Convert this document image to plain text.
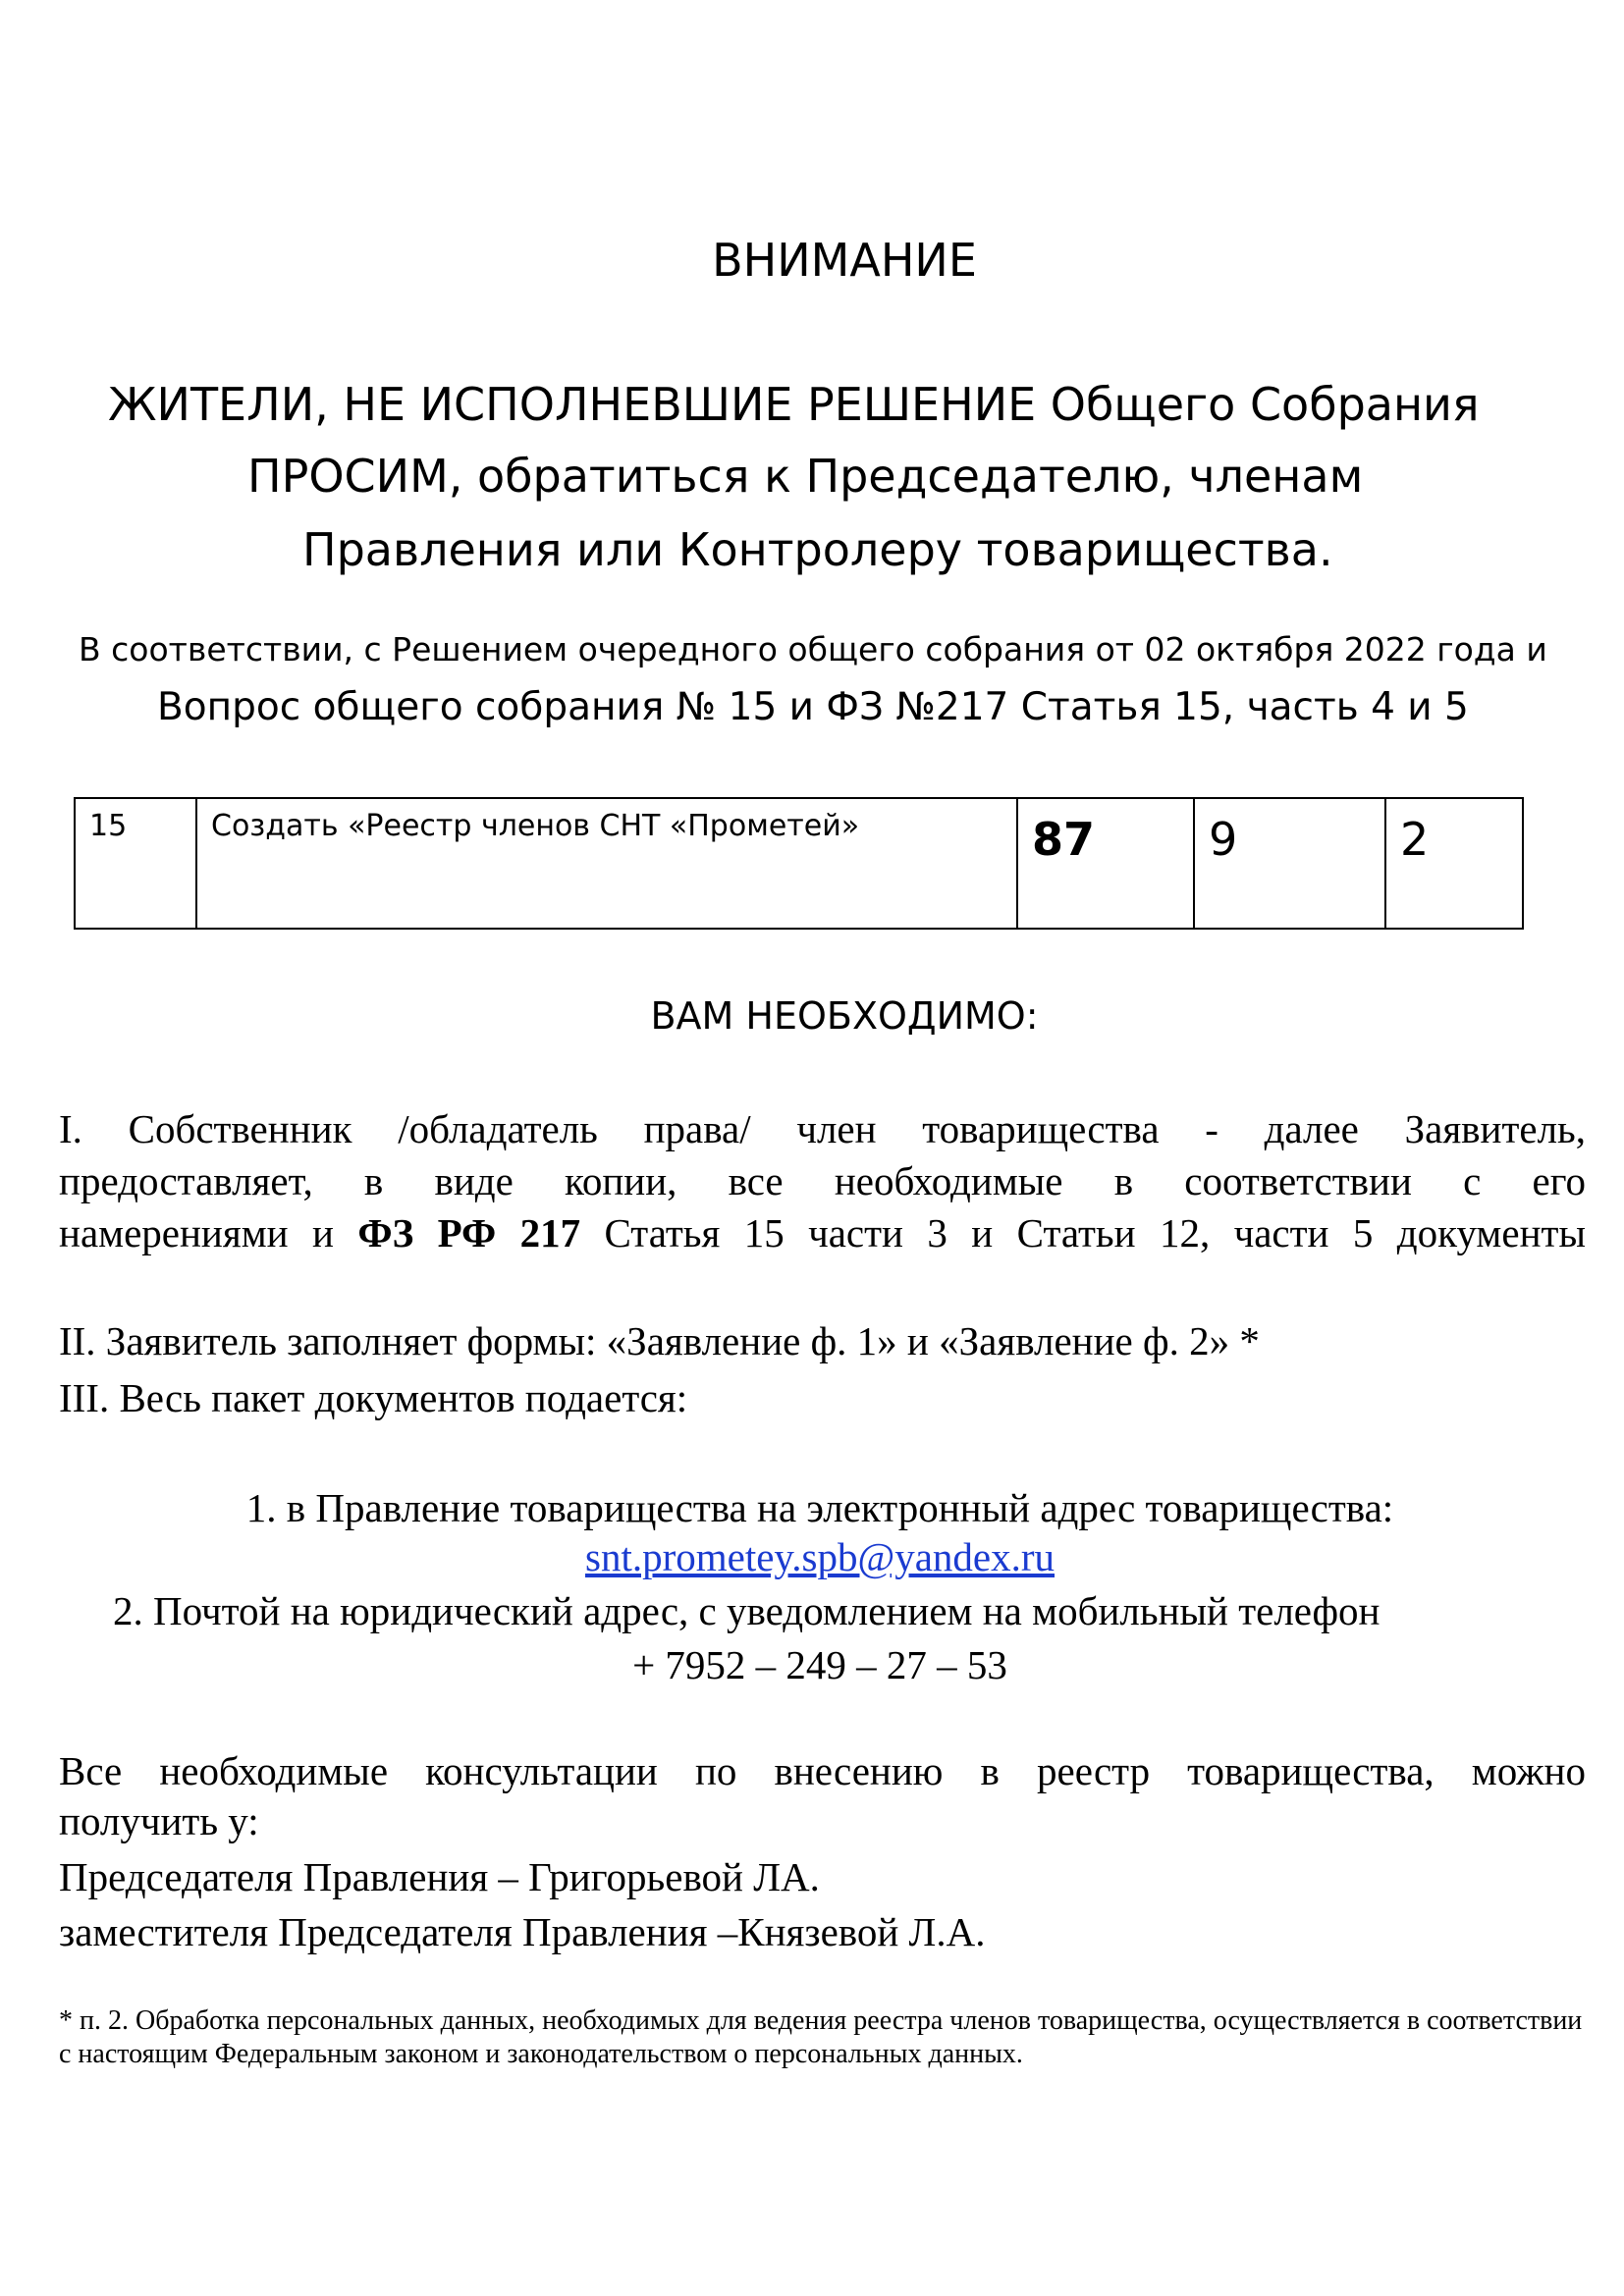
ВНИМАНИЕ
ЖИТЕЛИ, НЕ ИСПОЛНЕВШИЕ РЕШЕНИЕ Общего Собрания
ПРОСИМ, обратиться к Председателю, членам
Правления или Контролеру товарищества.
В соответствии, с Решением очередного общего собрания от 02 октября 2022 года и
Вопрос общего собрания № 15 и ФЗ №217 Статья 15, часть 4 и 5
15	Создать «Реестр членов СНТ «Прометей»	87	9	2
ВАМ НЕОБХОДИМО:
I. Собственник /обладатель права/ член товарищества - далее Заявитель,
предоставляет, в виде копии, все необходимые в соответствии с его
намерениями и ФЗ РФ 217 Статья 15 части 3 и Статьи 12, части 5 документы
II. Заявитель заполняет формы: «Заявление ф. 1» и «Заявление ф. 2» *
III. Весь пакет документов подается:
1. в Правление товарищества на электронный адрес товарищества:
snt.prometey.spb@yandex.ru
2. Почтой на юридический адрес, с уведомлением на мобильный телефон
+ 7952 – 249 – 27 – 53
Все необходимые консультации по внесению в реестр товарищества, можно
получить у:
Председателя Правления – Григорьевой ЛА.
заместителя Председателя Правления –Князевой Л.А.
* п. 2. Обработка персональных данных, необходимых для ведения реестра членов товарищества, осуществляется в соответствии с настоящим Федеральным законом и законодательством о персональных данных.
